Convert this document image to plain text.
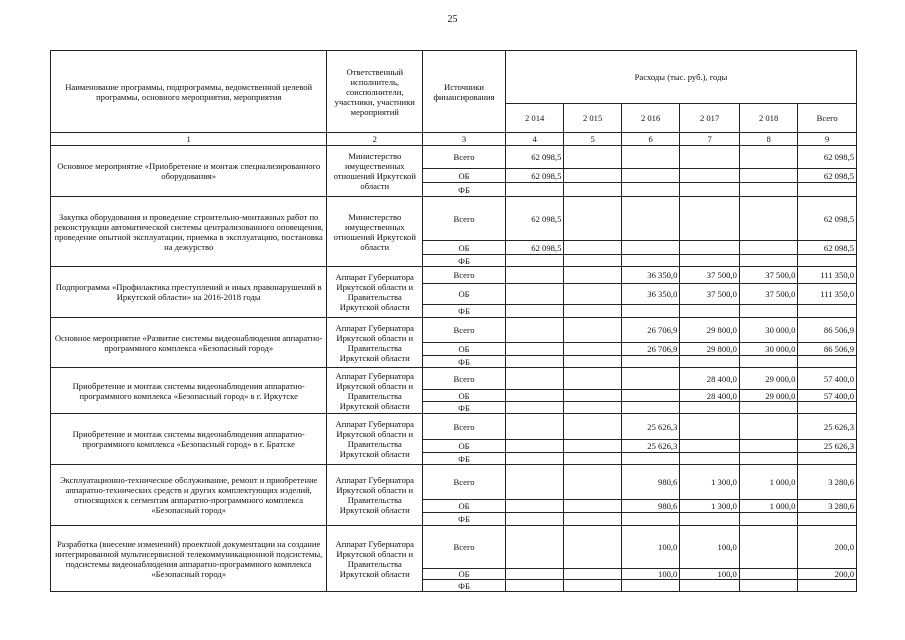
25
Наименование программы, подпрограммы, ведомственной целевой программы, основного мероприятия, мероприятия	Ответственный исполнитель, соисполнители, участники, участники мероприятий	Источники финансирования	Расходы (тыс. руб.), годы					
			2 014	2 015	2 016	2 017	2 018	Всего
1	2	3	4	5	6	7	8	9
Основное мероприятие «Приобретение и монтаж специализированного оборудования»	Министерство имущественных отношений Иркутской области	Всего	62 098,5					62 098,5
		ОБ	62 098,5					62 098,5
		ФБ						
Закупка оборудования и проведение строительно-монтажных работ по реконструкции автоматической системы централизованного оповещения, проведение опытной эксплуатации, приемка в эксплуатацию, постановка на дежурство	Министерство имущественных отношений Иркутской области	Всего	62 098,5					62 098,5
		ОБ	62 098,5					62 098,5
		ФБ						
Подпрограмма «Профилактика преступлений и иных правонарушений в Иркутской области» на 2016-2018 годы	Аппарат Губернатора Иркутской области и Правительства Иркутской области	Всего			36 350,0	37 500,0	37 500,0	111 350,0
		ОБ			36 350,0	37 500,0	37 500,0	111 350,0
		ФБ						
Основное мероприятие «Развитие системы видеонаблюдения аппаратно-программного комплекса «Безопасный город»	Аппарат Губернатора Иркутской области и Правительства Иркутской области	Всего			26 706,9	29 800,0	30 000,0	86 506,9
		ОБ			26 706,9	29 800,0	30 000,0	86 506,9
		ФБ						
Приобретение и монтаж системы видеонаблюдения аппаратно-программного комплекса «Безопасный город» в г. Иркутске	Аппарат Губернатора Иркутской области и Правительства Иркутской области	Всего				28 400,0	29 000,0	57 400,0
		ОБ				28 400,0	29 000,0	57 400,0
		ФБ						
Приобретение и монтаж системы видеонаблюдения аппаратно-программного комплекса «Безопасный город» в г. Братске	Аппарат Губернатора Иркутской области и Правительства Иркутской области	Всего			25 626,3			25 626,3
		ОБ			25 626,3			25 626,3
		ФБ						
Эксплуатационно-техническое обслуживание, ремонт и приобретение аппаратно-технических средств и других комплектующих изделий, относящихся к сегментам аппаратно-программного комплекса «Безопасный город»	Аппарат Губернатора Иркутской области и Правительства Иркутской области	Всего			980,6	1 300,0	1 000,0	3 280,6
		ОБ			980,6	1 300,0	1 000,0	3 280,6
		ФБ						
Разработка (внесение изменений) проектной документации на создание интегрированной мультисервисной телекоммуникационной подсистемы, подсистемы видеонаблюдения аппаратно-программного комплекса «Безопасный город»	Аппарат Губернатора Иркутской области и Правительства Иркутской области	Всего			100,0	100,0		200,0
		ОБ			100,0	100,0		200,0
		ФБ						
